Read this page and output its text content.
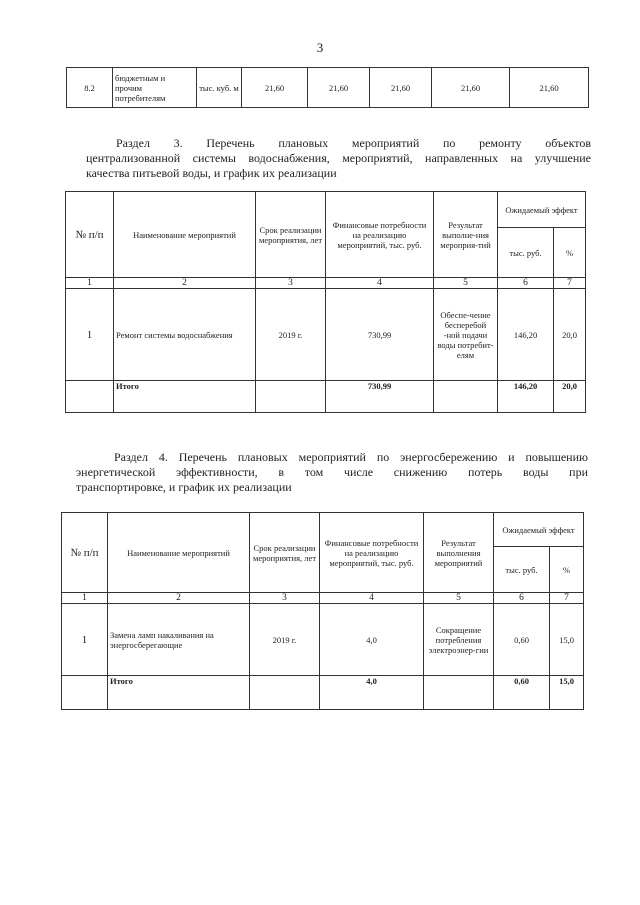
3
8.2	бюджетным и прочим потребителям	тыс. куб. м	21,60	21,60	21,60	21,60	21,60
Раздел 3. Перечень плановых мероприятий по ремонту объектов
централизованной системы водоснабжения, мероприятий, направленных на улучшение
качества питьевой воды, и график их реализации
№ п/п	Наименование мероприятий	Срок реализации мероприятия, лет	Финансовые потребности на реализацию мероприятий, тыс. руб.	Результат выполне-ния мероприя-тий	Ожидаемый эффект	
					тыс. руб.	%
1	2	3	4	5	6	7
1	Ремонт системы водоснабжения	2019 г.	730,99	Обеспе-чение бесперебой -ной подачи воды потребит-елям	146,20	20,0
	Итого		730,99		146,20	20,0
Раздел 4. Перечень плановых мероприятий по энергосбережению и повышению
энергетической эффективности, в том числе снижению потерь воды при
транспортировке, и график их реализации
№ п/п	Наименование мероприятий	Срок реализации мероприятия, лет	Финансовые потребности на реализацию мероприятий, тыс. руб.	Результат выполнения мероприятий	Ожидаемый эффект	
					тыс. руб.	%
1	2	3	4	5	6	7
1	Замена ламп накаливания на энергосберегающие	2019 г.	4,0	Сокращение потребления электроэнер-гии	0,60	15,0
	Итого		4,0		0,60	15,0
